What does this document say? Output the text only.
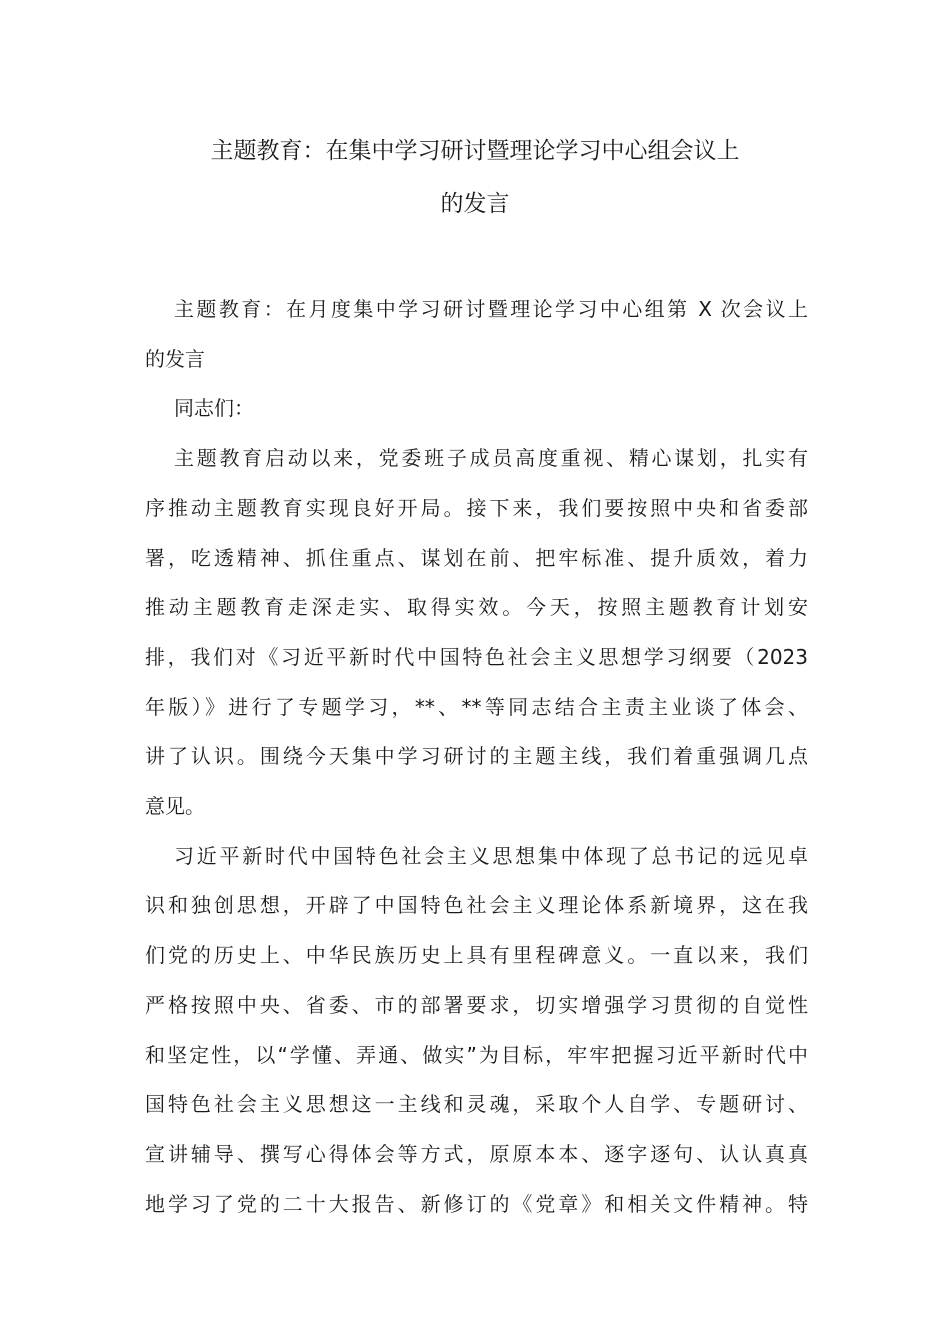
主题教育：在集中学习研讨暨理论学习中心组会议上
的发言

主题教育：在月度集中学习研讨暨理论学习中心组第 X 次会议上
的发言

同志们：

主题教育启动以来，党委班子成员高度重视、精心谋划，扎实有
序推动主题教育实现良好开局。接下来，我们要按照中央和省委部
署，吃透精神、抓住重点、谋划在前、把牢标准、提升质效，着力
推动主题教育走深走实、取得实效。今天，按照主题教育计划安
排，我们对《习近平新时代中国特色社会主义思想学习纲要（2023
年版）》进行了专题学习，**、**等同志结合主责主业谈了体会、
讲了认识。围绕今天集中学习研讨的主题主线，我们着重强调几点
意见。

习近平新时代中国特色社会主义思想集中体现了总书记的远见卓
识和独创思想，开辟了中国特色社会主义理论体系新境界，这在我
们党的历史上、中华民族历史上具有里程碑意义。一直以来，我们
严格按照中央、省委、市的部署要求，切实增强学习贯彻的自觉性
和坚定性，以“学懂、弄通、做实”为目标，牢牢把握习近平新时代中
国特色社会主义思想这一主线和灵魂，采取个人自学、专题研讨、
宣讲辅导、撰写心得体会等方式，原原本本、逐字逐句、认认真真
地学习了党的二十大报告、新修订的《党章》和相关文件精神。特
